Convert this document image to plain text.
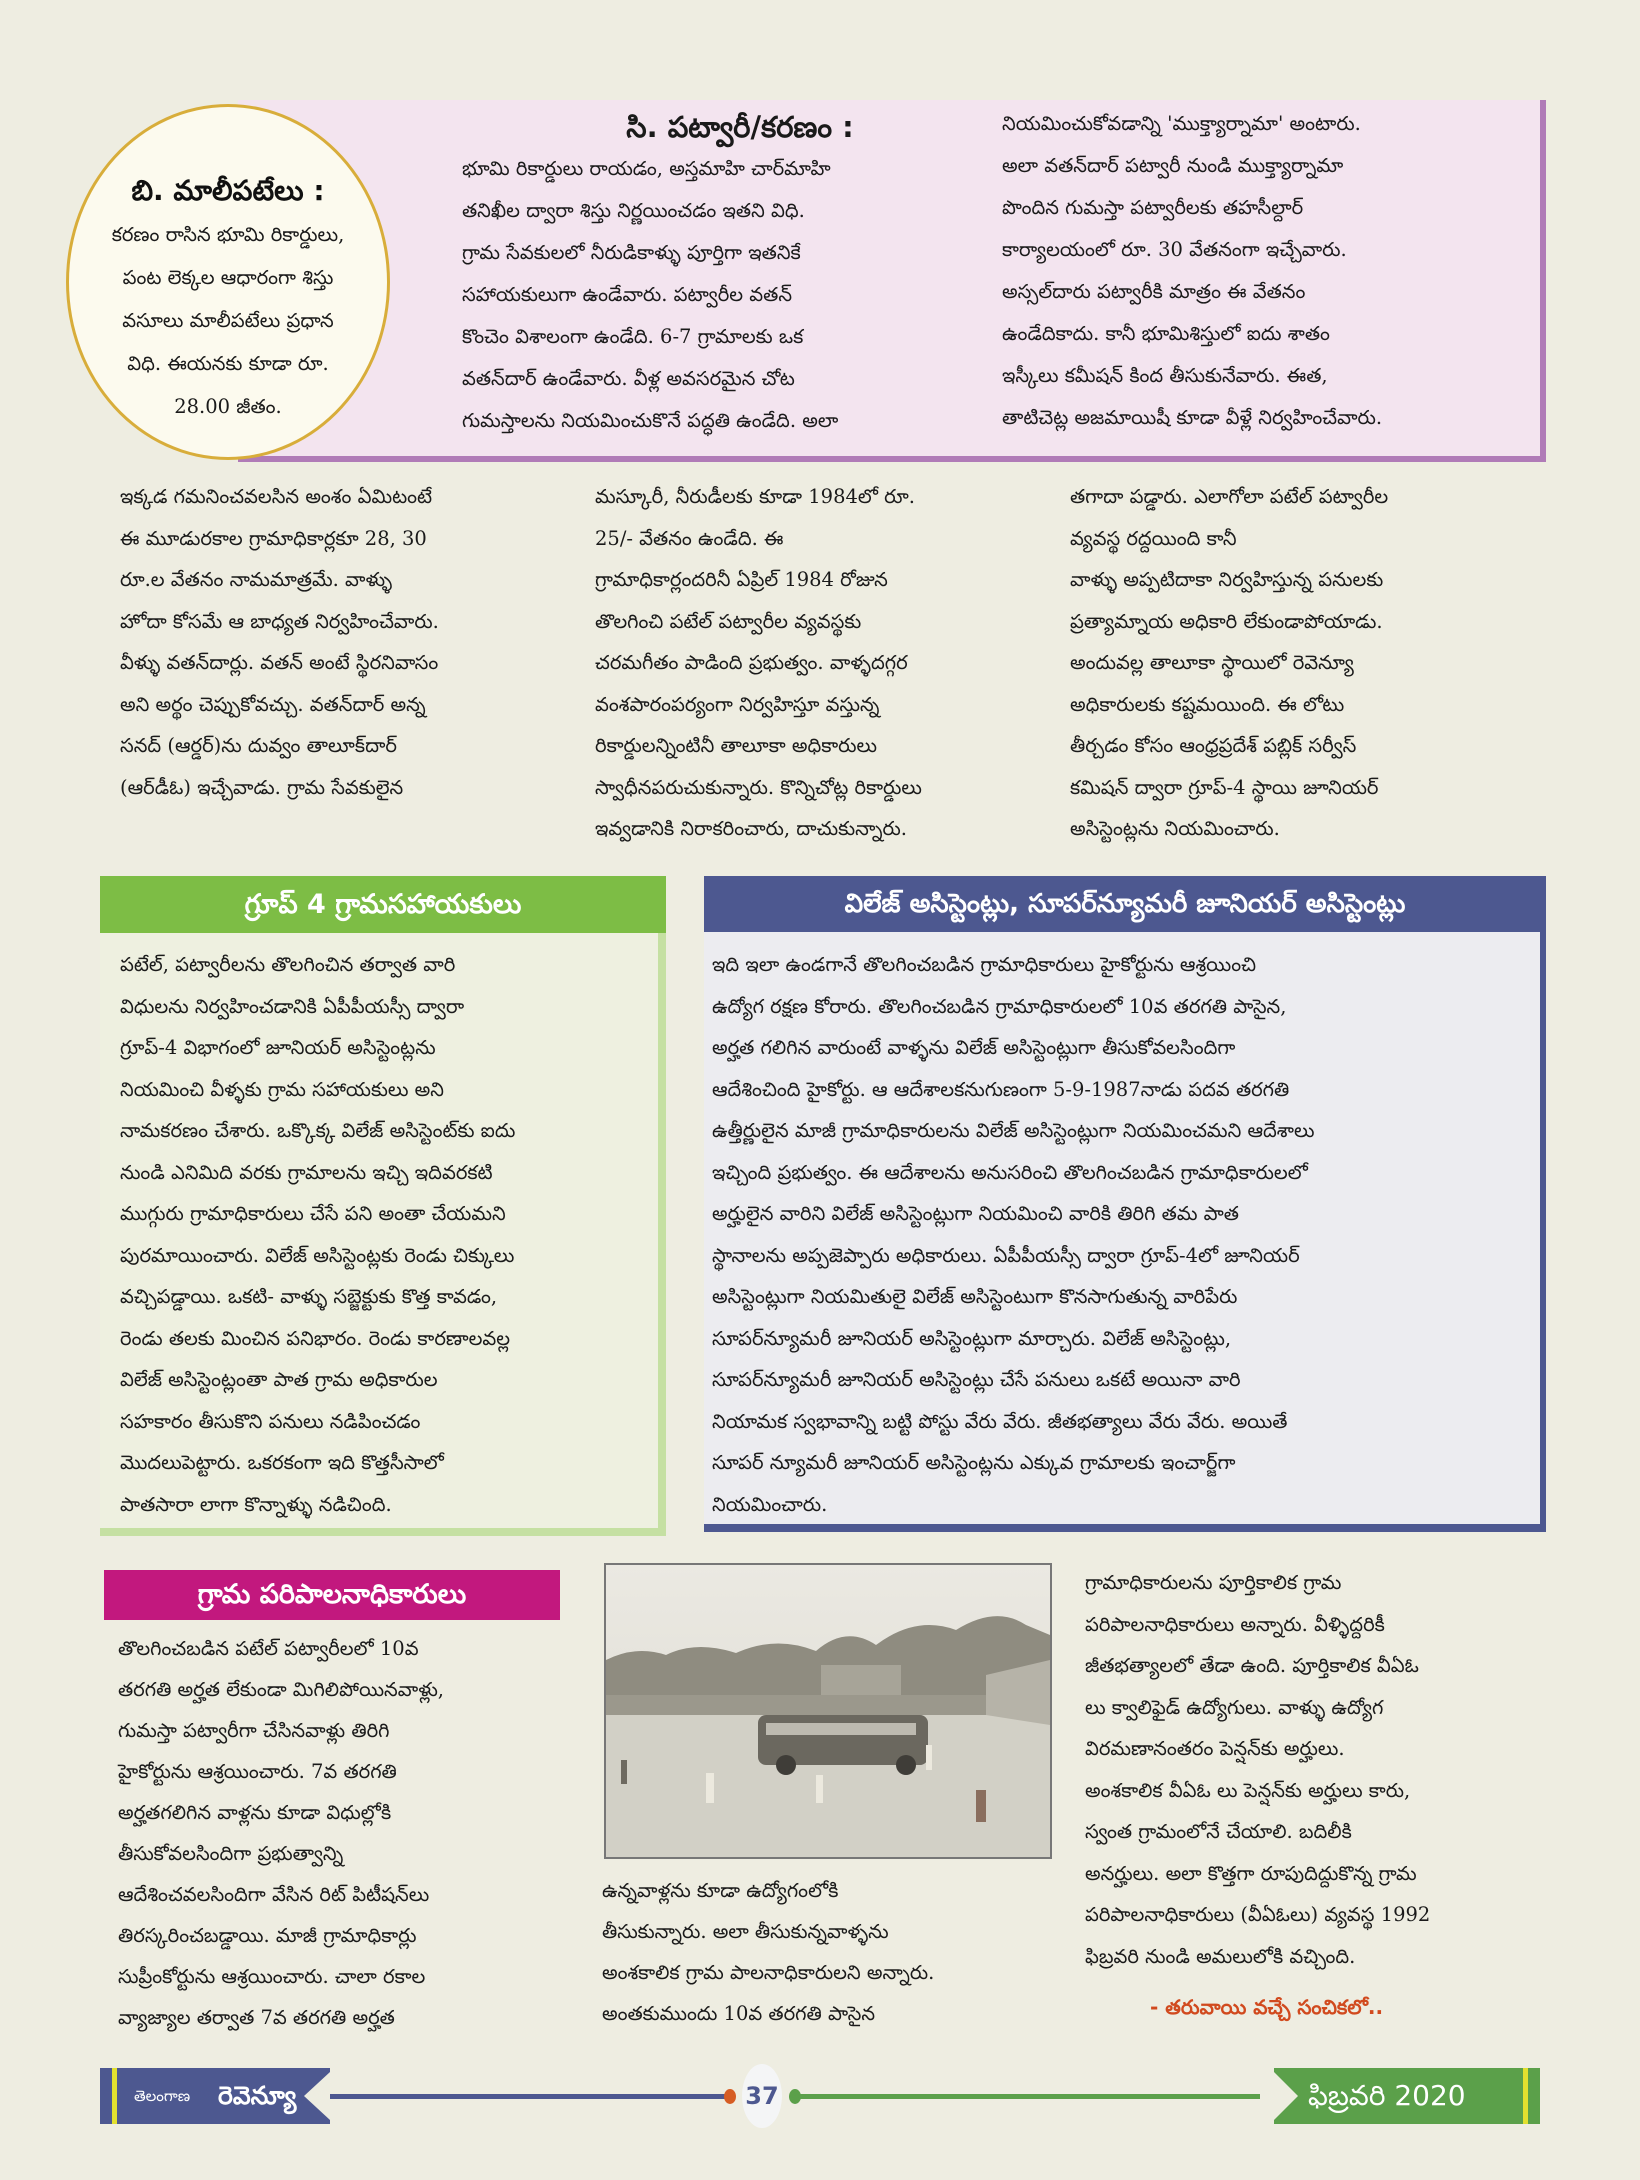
సి. పట్వారీ/కరణం :
భూమి రికార్డులు రాయడం, అస్తమాహి చార్‌మాహి
తనిఖీల ద్వారా శిస్తు నిర్ణయించడం ఇతని విధి.
గ్రామ సేవకులలో నీరుడికాళ్ళు పూర్తిగా ఇతనికే
సహాయకులుగా ఉండేవారు. పట్వారీల వతన్
కొంచెం విశాలంగా ఉండేది. 6-7 గ్రామాలకు ఒక
వతన్‌దార్ ఉండేవారు. వీళ్ల అవసరమైన చోట
గుమస్తాలను నియమించుకొనే పద్ధతి ఉండేది. అలా
నియమించుకోవడాన్ని 'ముక్త్యార్నామా' అంటారు.
అలా వతన్‌దార్ పట్వారీ నుండి ముక్త్యార్నామా
పొందిన గుమస్తా పట్వారీలకు తహసీల్దార్
కార్యాలయంలో రూ. 30 వేతనంగా ఇచ్చేవారు.
అస్సల్‌దారు పట్వారీకి మాత్రం ఈ వేతనం
ఉండేదికాదు. కానీ భూమిశిస్తులో ఐదు శాతం
ఇస్కీలు కమీషన్ కింద తీసుకునేవారు. ఈత,
తాటిచెట్ల అజమాయిషీ కూడా వీళ్లే నిర్వహించేవారు.
బి. మాలీపటేలు :
కరణం రాసిన భూమి రికార్డులు,
పంట లెక్కల ఆధారంగా శిస్తు
వసూలు మాలీపటేలు ప్రధాన
విధి. ఈయనకు కూడా రూ.
28.00 జీతం.
ఇక్కడ గమనించవలసిన అంశం ఏమిటంటే
ఈ మూడురకాల గ్రామాధికార్లకూ 28, 30
రూ.ల వేతనం నామమాత్రమే. వాళ్ళు
హోదా కోసమే ఆ బాధ్యత నిర్వహించేవారు.
వీళ్ళు వతన్‌దార్లు. వతన్ అంటే స్థిరనివాసం
అని అర్థం చెప్పుకోవచ్చు. వతన్‌దార్ అన్న
సనద్ (ఆర్డర్)ను దువ్వం తాలూక్‌దార్
(ఆర్‌డీఓ) ఇచ్చేవాడు. గ్రామ సేవకులైన
మస్కూరీ, నీరుడీలకు కూడా 1984లో రూ.
25/- వేతనం ఉండేది. ఈ
గ్రామాధికార్లందరినీ ఏప్రిల్ 1984 రోజున
తొలగించి పటేల్ పట్వారీల వ్యవస్థకు
చరమగీతం పాడింది ప్రభుత్వం. వాళ్ళదగ్గర
వంశపారంపర్యంగా నిర్వహిస్తూ వస్తున్న
రికార్డులన్నింటినీ తాలూకా అధికారులు
స్వాధీనపరుచుకున్నారు. కొన్నిచోట్ల రికార్డులు
ఇవ్వడానికి నిరాకరించారు, దాచుకున్నారు.
తగాదా పడ్డారు. ఎలాగోలా పటేల్ పట్వారీల
వ్యవస్థ రద్దయింది కానీ
వాళ్ళు అప్పటిదాకా నిర్వహిస్తున్న పనులకు
ప్రత్యామ్నాయ అధికారి లేకుండాపోయాడు.
అందువల్ల తాలూకా స్థాయిలో రెవెన్యూ
అధికారులకు కష్టమయింది. ఈ లోటు
తీర్చడం కోసం ఆంధ్రప్రదేశ్ పబ్లిక్ సర్వీస్
కమిషన్ ద్వారా గ్రూప్-4 స్థాయి జూనియర్
అసిస్టెంట్లను నియమించారు.
గ్రూప్ 4 గ్రామసహాయకులు
పటేల్, పట్వారీలను తొలగించిన తర్వాత వారి
విధులను నిర్వహించడానికి ఏపీపీయస్సీ ద్వారా
గ్రూప్-4 విభాగంలో జూనియర్ అసిస్టెంట్లను
నియమించి వీళ్ళకు గ్రామ సహాయకులు అని
నామకరణం చేశారు. ఒక్కొక్క విలేజ్ అసిస్టెంట్‌కు ఐదు
నుండి ఎనిమిది వరకు గ్రామాలను ఇచ్చి ఇదివరకటి
ముగ్గురు గ్రామాధికారులు చేసే పని అంతా చేయమని
పురమాయించారు. విలేజ్ అసిస్టెంట్లకు రెండు చిక్కులు
వచ్చిపడ్డాయి. ఒకటి- వాళ్ళు సబ్జెక్టుకు కొత్త కావడం,
రెండు తలకు మించిన పనిభారం. రెండు కారణాలవల్ల
విలేజ్ అసిస్టెంట్లంతా పాత గ్రామ అధికారుల
సహకారం తీసుకొని పనులు నడిపించడం
మొదలుపెట్టారు. ఒకరకంగా ఇది కొత్తసీసాలో
పాతసారా లాగా కొన్నాళ్ళు నడిచింది.
విలేజ్ అసిస్టెంట్లు, సూపర్‌న్యూమరీ జూనియర్ అసిస్టెంట్లు
ఇది ఇలా ఉండగానే తొలగించబడిన గ్రామాధికారులు హైకోర్టును ఆశ్రయించి
ఉద్యోగ రక్షణ కోరారు. తొలగించబడిన గ్రామాధికారులలో 10వ తరగతి పాసైన,
అర్హత గలిగిన వారుంటే వాళ్ళను విలేజ్ అసిస్టెంట్లుగా తీసుకోవలసిందిగా
ఆదేశించింది హైకోర్టు. ఆ ఆదేశాలకనుగుణంగా 5-9-1987నాడు పదవ తరగతి
ఉత్తీర్ణులైన మాజీ గ్రామాధికారులను విలేజ్ అసిస్టెంట్లుగా నియమించమని ఆదేశాలు
ఇచ్చింది ప్రభుత్వం. ఈ ఆదేశాలను అనుసరించి తొలగించబడిన గ్రామాధికారులలో
అర్హులైన వారిని విలేజ్ అసిస్టెంట్లుగా నియమించి వారికి తిరిగి తమ పాత
స్థానాలను అప్పజెప్పారు అధికారులు. ఏపీపీయస్సీ ద్వారా గ్రూప్-4లో జూనియర్
అసిస్టెంట్లుగా నియమితులై విలేజ్ అసిస్టెంటుగా కొనసాగుతున్న వారిపేరు
సూపర్‌న్యూమరీ జూనియర్ అసిస్టెంట్లుగా మార్చారు. విలేజ్ అసిస్టెంట్లు,
సూపర్‌న్యూమరీ జూనియర్ అసిస్టెంట్లు చేసే పనులు ఒకటే అయినా వారి
నియామక స్వభావాన్ని బట్టి పోస్టు వేరు వేరు. జీతభత్యాలు వేరు వేరు. అయితే
సూపర్ న్యూమరీ జూనియర్ అసిస్టెంట్లను ఎక్కువ గ్రామాలకు ఇంచార్జ్‌గా
నియమించారు.
గ్రామ పరిపాలనాధికారులు
తొలగించబడిన పటేల్ పట్వారీలలో 10వ
తరగతి అర్హత లేకుండా మిగిలిపోయినవాళ్లు,
గుమస్తా పట్వారీగా చేసినవాళ్లు తిరిగి
హైకోర్టును ఆశ్రయించారు. 7వ తరగతి
అర్హతగలిగిన వాళ్లను కూడా విధుల్లోకి
తీసుకోవలసిందిగా ప్రభుత్వాన్ని
ఆదేశించవలసిందిగా వేసిన రిట్ పిటీషన్‌లు
తిరస్కరించబడ్డాయి. మాజీ గ్రామాధికార్లు
సుప్రీంకోర్టును ఆశ్రయించారు. చాలా రకాల
వ్యాజ్యాల తర్వాత 7వ తరగతి అర్హత
ఉన్నవాళ్లను కూడా ఉద్యోగంలోకి
తీసుకున్నారు. అలా తీసుకున్నవాళ్ళను
అంశకాలిక గ్రామ పాలనాధికారులని అన్నారు.
అంతకుముందు 10వ తరగతి పాసైన
గ్రామాధికారులను పూర్తికాలిక గ్రామ
పరిపాలనాధికారులు అన్నారు. వీళ్ళిద్దరికీ
జీతభత్యాలలో తేడా ఉంది. పూర్తికాలిక వీఏఓ
లు క్వాలిఫైడ్ ఉద్యోగులు. వాళ్ళు ఉద్యోగ
విరమణానంతరం పెన్షన్‌కు అర్హులు.
అంశకాలిక వీఏఓ లు పెన్షన్‌కు అర్హులు కారు,
స్వంత గ్రామంలోనే చేయాలి. బదిలీకి
అనర్హులు. అలా కొత్తగా రూపుదిద్దుకొన్న గ్రామ
పరిపాలనాధికారులు (వీఏఓలు) వ్యవస్థ 1992
ఫిబ్రవరి నుండి అమలులోకి వచ్చింది.
- తరువాయి వచ్చే సంచికలో..
తెలంగాణ రెవెన్యూ	37	ఫిబ్రవరి 2020
